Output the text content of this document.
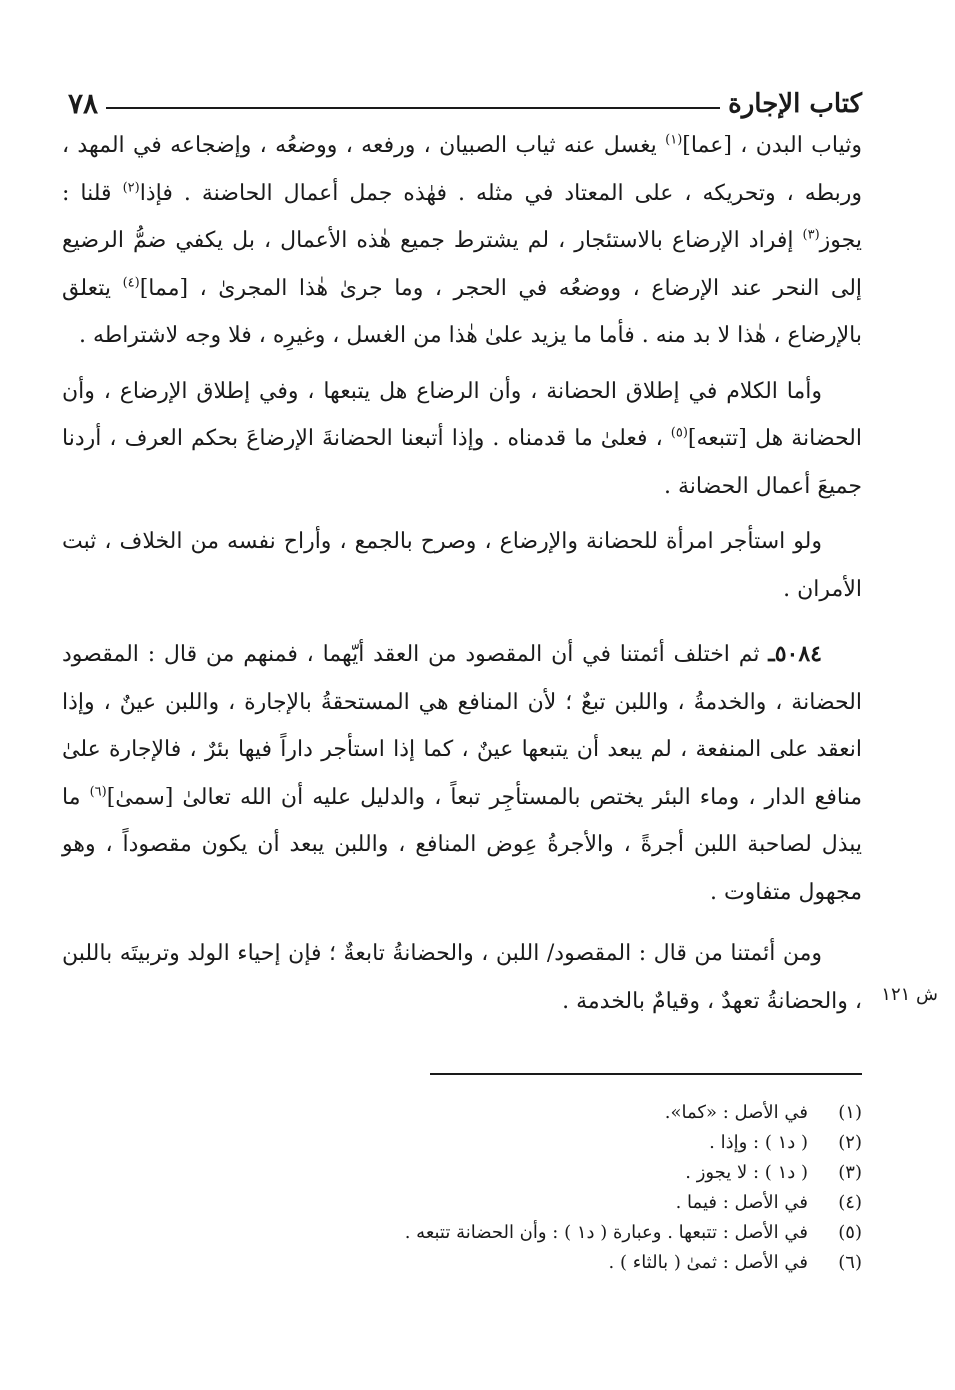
كتاب الإجارة
٧٨

وثياب البدن ، [عما]$^{(١)}$ يغسل عنه ثياب الصبيان ، ورفعه ، ووضعُه ، وإضجاعه في المهد ، وربطه ، وتحريكه ، على المعتاد في مثله . فهٰذه جمل أعمال الحاضنة . فإذا$^{(٢)}$ قلنا : يجوز$^{(٣)}$ إفراد الإرضاع بالاستئجار ، لم يشترط جميع هٰذه الأعمال ، بل يكفي ضمُّ الرضيع إلى النحر عند الإرضاع ، ووضعُه في الحجر ، وما جرىٰ هٰذا المجرىٰ ، [مما]$^{(٤)}$ يتعلق بالإرضاع ، هٰذا لا بد منه . فأما ما يزيد علىٰ هٰذا من الغسل ، وغيرِه ، فلا وجه لاشتراطه .

وأما الكلام في إطلاق الحضانة ، وأن الرضاع هل يتبعها ، وفي إطلاق الإرضاع ، وأن الحضانة هل [تتبعه]$^{(٥)}$ ، فعلىٰ ما قدمناه . وإذا أتبعنا الحضانةَ الإرضاعَ بحكم العرف ، أردنا جميعَ أعمال الحضانة .

ولو استأجر امرأة للحضانة والإرضاع ، وصرح بالجمع ، وأراح نفسه من الخلاف ، ثبت الأمران .

٥٠٨٤ـ ثم اختلف أئمتنا في أن المقصود من العقد أيّهما ، فمنهم من قال : المقصود الحضانة ، والخدمةُ ، واللبن تبعٌ ؛ لأن المنافع هي المستحقةُ بالإجارة ، واللبن عينٌ ، وإذا انعقد على المنفعة ، لم يبعد أن يتبعها عينٌ ، كما إذا استأجر داراً فيها بئرٌ ، فالإجارة علىٰ منافع الدار ، وماء البئر يختص بالمستأجِر تبعاً ، والدليل عليه أن الله تعالىٰ [سمىٰ]$^{(٦)}$ ما يبذل لصاحبة اللبن أجرةً ، والأجرةُ عِوض المنافع ، واللبن يبعد أن يكون مقصوداً ، وهو مجهول متفاوت .

ومن أئمتنا من قال : المقصود/ اللبن ، والحضانةُ تابعةٌ ؛ فإن إحياء الولد وتربيتَه باللبن ، والحضانةُ تعهدٌ ، وقيامٌ بالخدمة .	ش ١٢١
(١)
في الأصل : «كما».
(٢)
( د١ ) : وإذا .
(٣)
( د١ ) : لا يجوز .
(٤)
في الأصل : فيما .
(٥)
في الأصل : تتبعها . وعبارة ( د١ ) : وأن الحضانة تتبعه .
(٦)
في الأصل : ثمىٰ ( بالثاء ) .
